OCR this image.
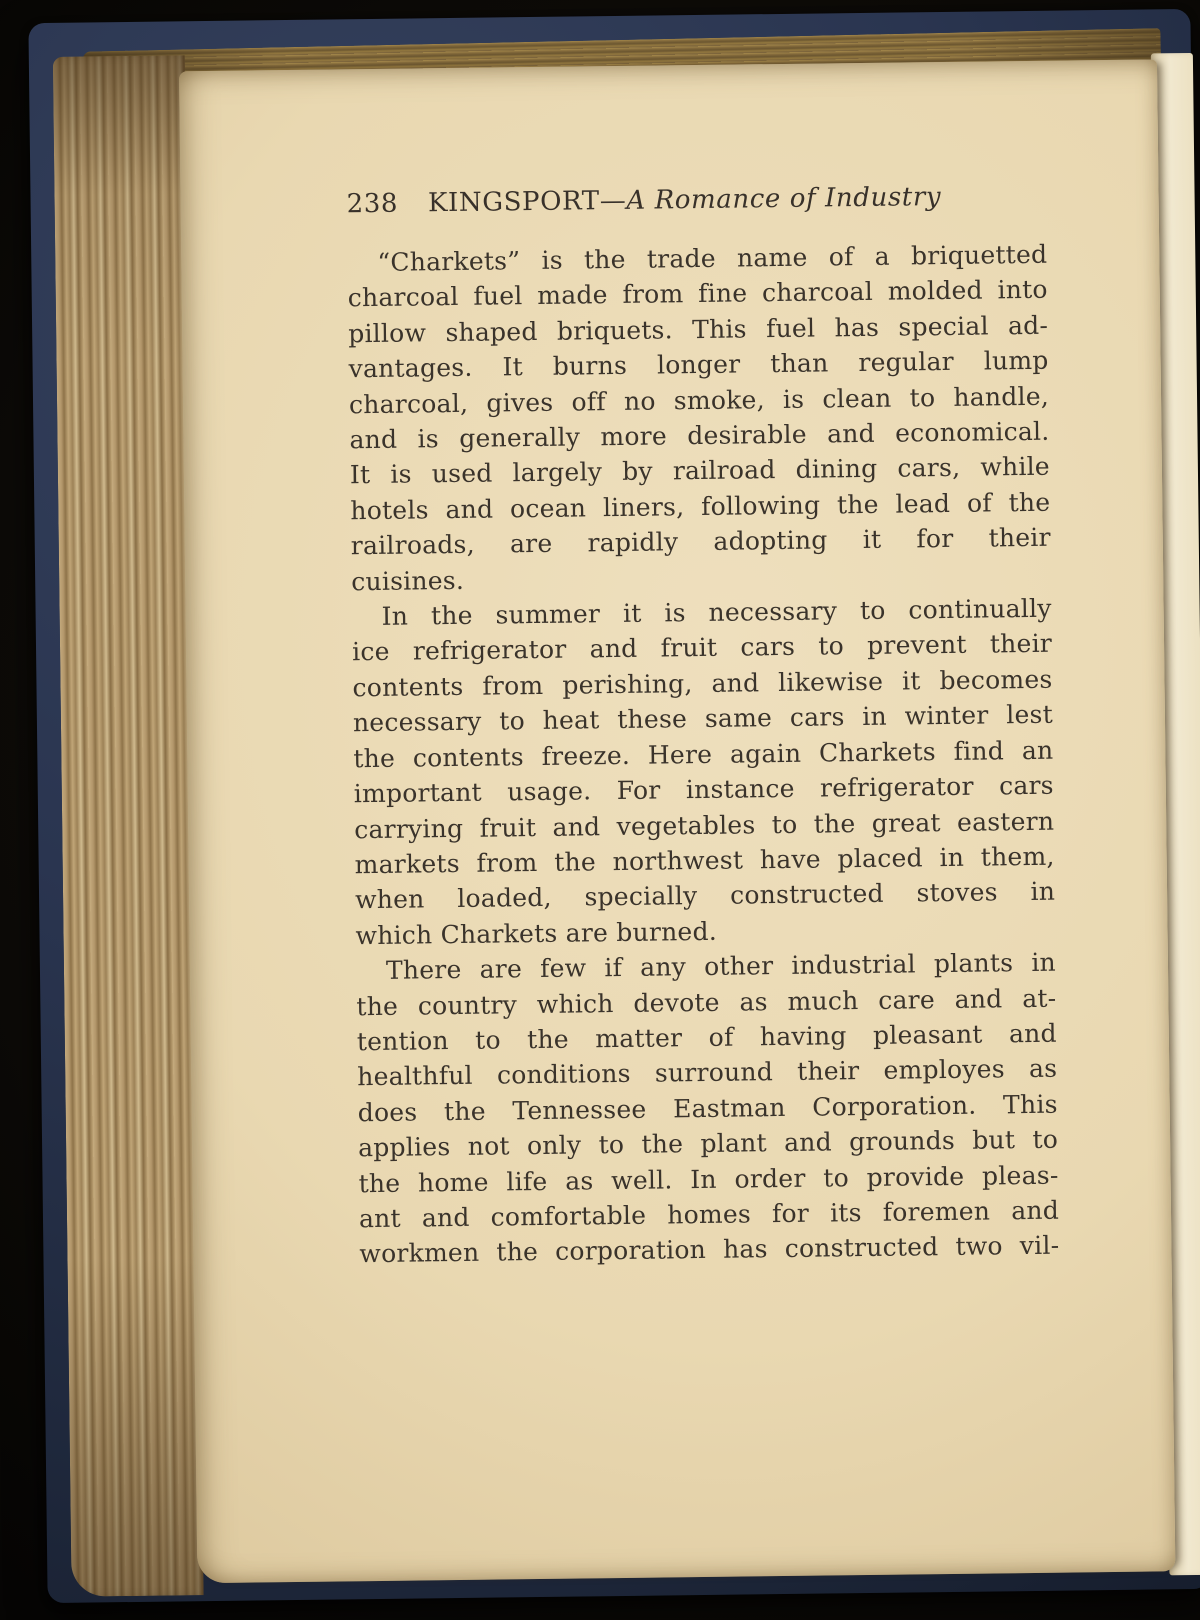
238 KINGSPORT—A Romance of Industry
“Charkets” is the trade name of a briquetted
charcoal fuel made from fine charcoal molded into
pillow shaped briquets. This fuel has special ad-
vantages. It burns longer than regular lump
charcoal, gives off no smoke, is clean to handle,
and is generally more desirable and economical.
It is used largely by railroad dining cars, while
hotels and ocean liners, following the lead of the
railroads, are rapidly adopting it for their
cuisines.
In the summer it is necessary to continually
ice refrigerator and fruit cars to prevent their
contents from perishing, and likewise it becomes
necessary to heat these same cars in winter lest
the contents freeze. Here again Charkets find an
important usage. For instance refrigerator cars
carrying fruit and vegetables to the great eastern
markets from the northwest have placed in them,
when loaded, specially constructed stoves in
which Charkets are burned.
There are few if any other industrial plants in
the country which devote as much care and at-
tention to the matter of having pleasant and
healthful conditions surround their employes as
does the Tennessee Eastman Corporation. This
applies not only to the plant and grounds but to
the home life as well. In order to provide pleas-
ant and comfortable homes for its foremen and
workmen the corporation has constructed two vil-
